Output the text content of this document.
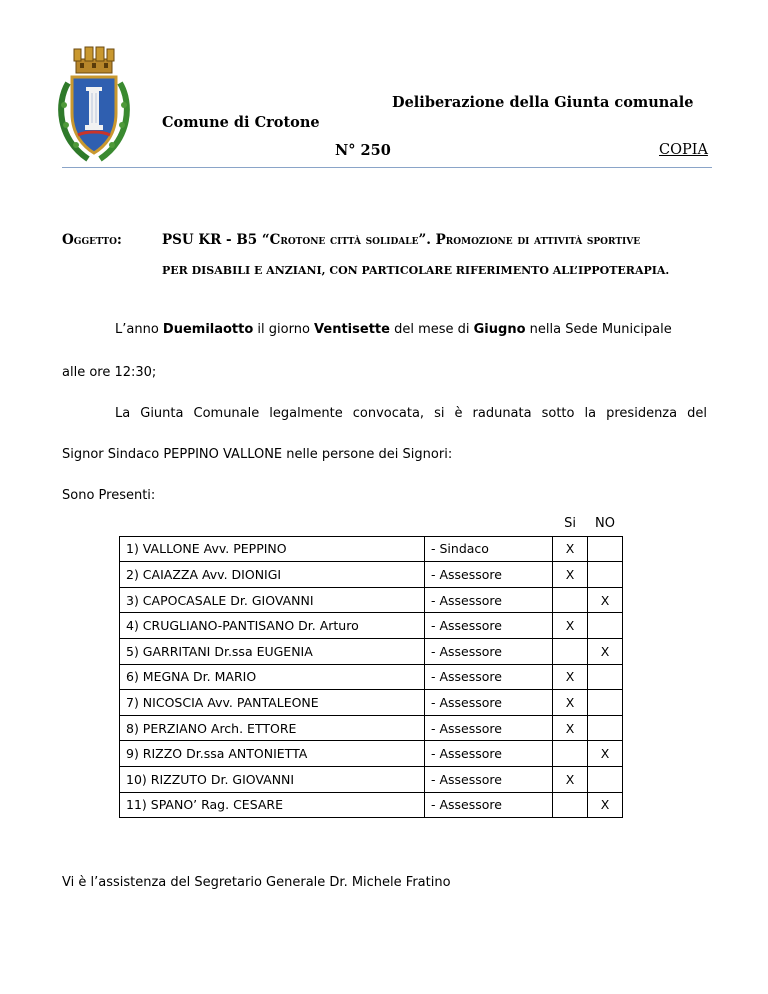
Deliberazione della Giunta comunale
Comune di Crotone
N° 250	COPIA
Oggetto:	PSU KR - B5 “Crotone città solidale”. Promozione di attività sportive
PER DISABILI E ANZIANI, CON PARTICOLARE RIFERIMENTO ALL’IPPOTERAPIA.
L’anno Duemilaotto il giorno Ventisette del mese di Giugno nella Sede Municipale
alle ore 12:30;
La Giunta Comunale legalmente convocata, si è radunata sotto la presidenza del
Signor Sindaco PEPPINO VALLONE nelle persone dei Signori:
Sono Presenti:
		Si	NO
1) VALLONE Avv. PEPPINO	- Sindaco	X	
2) CAIAZZA Avv. DIONIGI	- Assessore	X	
3) CAPOCASALE Dr. GIOVANNI	- Assessore		X
4) CRUGLIANO-PANTISANO Dr. Arturo	- Assessore	X	
5) GARRITANI Dr.ssa EUGENIA	- Assessore		X
6) MEGNA Dr. MARIO	- Assessore	X	
7) NICOSCIA Avv. PANTALEONE	- Assessore	X	
8) PERZIANO Arch. ETTORE	- Assessore	X	
9) RIZZO Dr.ssa ANTONIETTA	- Assessore		X
10) RIZZUTO Dr. GIOVANNI	- Assessore	X	
11) SPANO’ Rag. CESARE	- Assessore		X
Vi è l’assistenza del Segretario Generale Dr. Michele Fratino
